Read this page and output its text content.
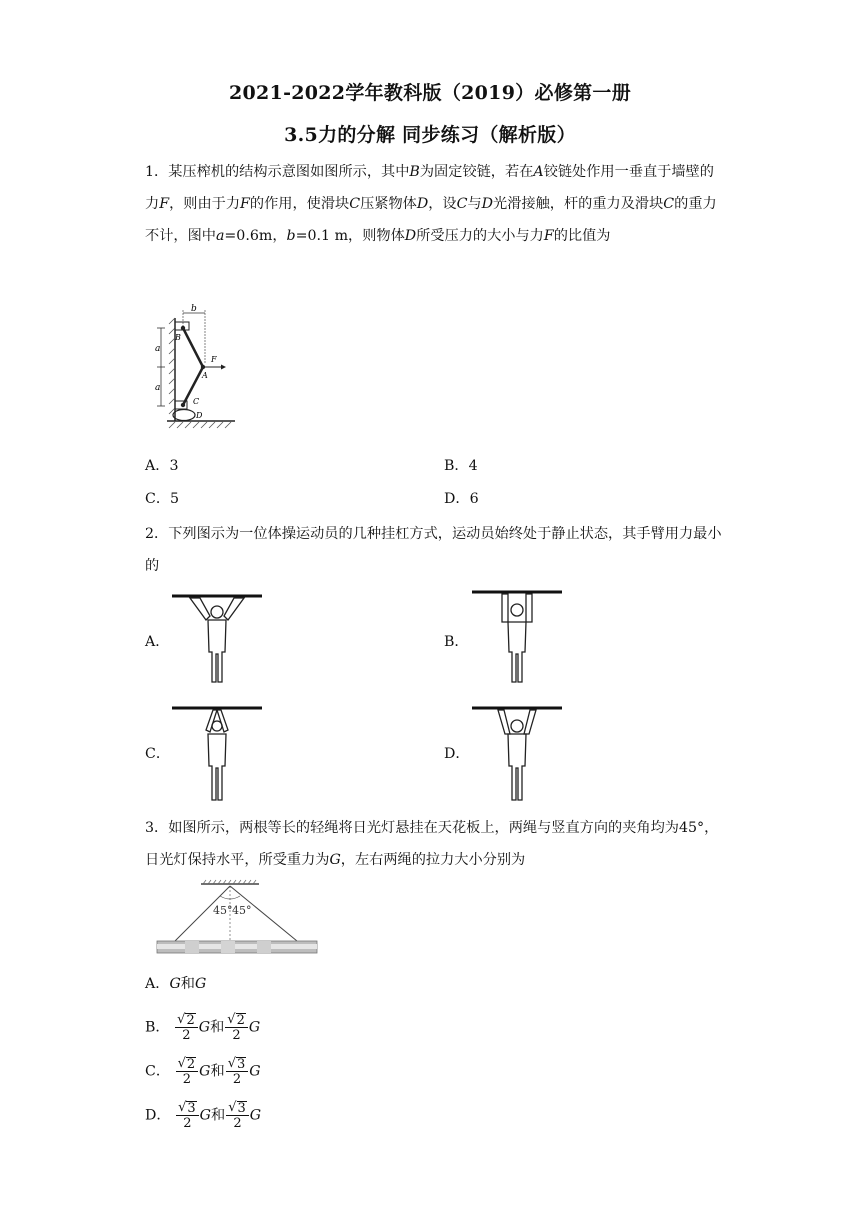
2021-2022学年教科版（2019）必修第一册
3.5力的分解 同步练习（解析版）
1．某压榨机的结构示意图如图所示，其中B为固定铰链，若在A铰链处作用一垂直于墙壁的力F，则由于力F的作用，使滑块C压紧物体D，设C与D光滑接触，杆的重力及滑块C的重力不计，图中a=0.6m，b=0.1 m，则物体D所受压力的大小与力F的比值为
a
a
b
B
A
F
C
D
A．3	B．4
C．5	D．6
2．下列图示为一位体操运动员的几种挂杠方式，运动员始终处于静止状态，其手臂用力最小的
A．	B．
C．	D．
3．如图所示，两根等长的轻绳将日光灯悬挂在天花板上，两绳与竖直方向的夹角均为45°，日光灯保持水平，所受重力为G，左右两绳的拉力大小分别为
45° 45°
A．G和G
B． $\frac{√ 2}{2}$ G和 $\frac{√ 2}{2}$ G
C． $\frac{√ 2}{2}$ G和 $\frac{√ 3}{2}$ G
D． $\frac{√ 3}{2}$ G和 $\frac{√ 3}{2}$ G
